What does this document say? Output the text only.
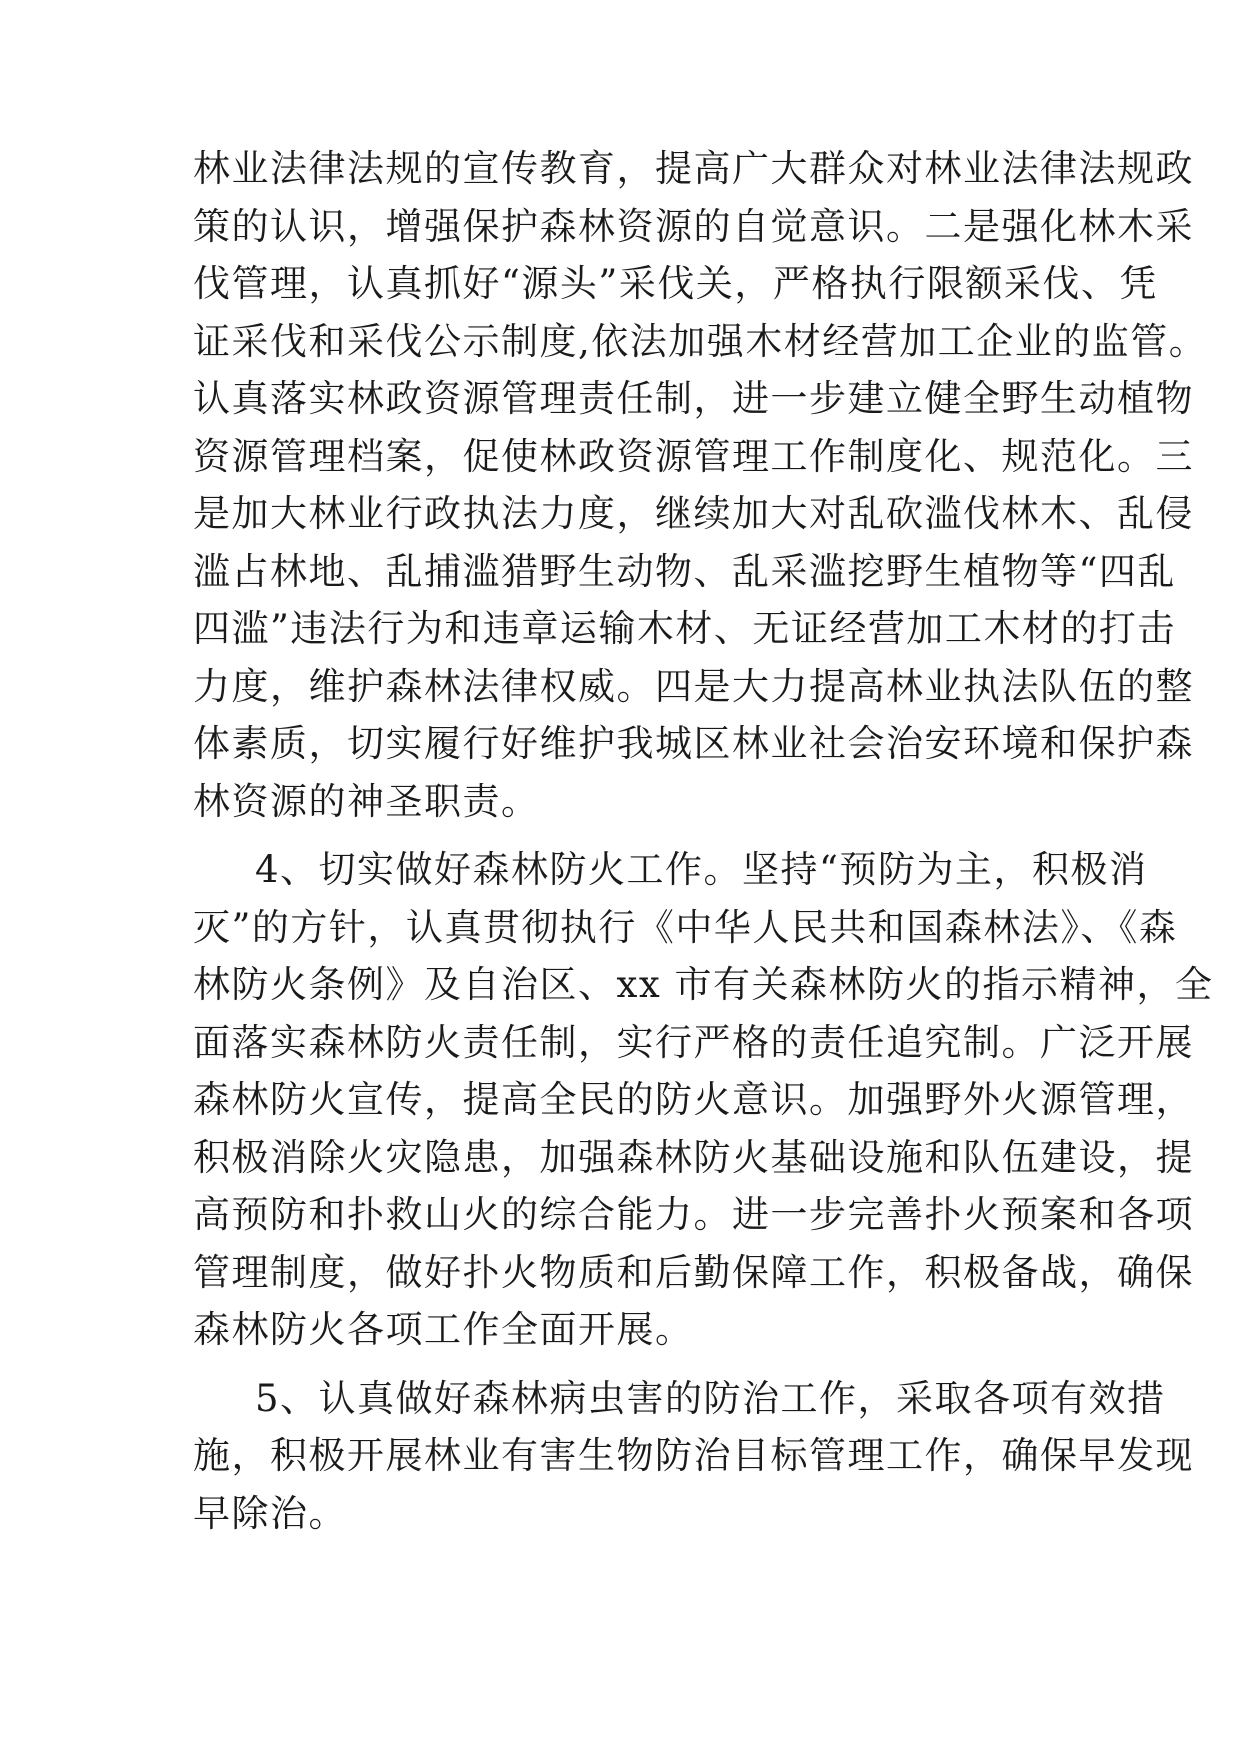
林业法律法规的宣传教育，提高广大群众对林业法律法规政
策的认识，增强保护森林资源的自觉意识。二是强化林木采
伐管理，认真抓好“源头”采伐关，严格执行限额采伐、凭
证采伐和采伐公示制度,依法加强木材经营加工企业的监管。
认真落实林政资源管理责任制，进一步建立健全野生动植物
资源管理档案，促使林政资源管理工作制度化、规范化。三
是加大林业行政执法力度，继续加大对乱砍滥伐林木、乱侵
滥占林地、乱捕滥猎野生动物、乱采滥挖野生植物等“四乱
四滥”违法行为和违章运输木材、无证经营加工木材的打击
力度，维护森林法律权威。四是大力提高林业执法队伍的整
体素质，切实履行好维护我城区林业社会治安环境和保护森
林资源的神圣职责。
4、切实做好森林防火工作。坚持“预防为主，积极消
灭”的方针，认真贯彻执行《中华人民共和国森林法》、《森
林防火条例》及自治区、xx 市有关森林防火的指示精神，全
面落实森林防火责任制，实行严格的责任追究制。广泛开展
森林防火宣传，提高全民的防火意识。加强野外火源管理，
积极消除火灾隐患，加强森林防火基础设施和队伍建设，提
高预防和扑救山火的综合能力。进一步完善扑火预案和各项
管理制度，做好扑火物质和后勤保障工作，积极备战，确保
森林防火各项工作全面开展。
5、认真做好森林病虫害的防治工作，采取各项有效措
施，积极开展林业有害生物防治目标管理工作，确保早发现
早除治。
